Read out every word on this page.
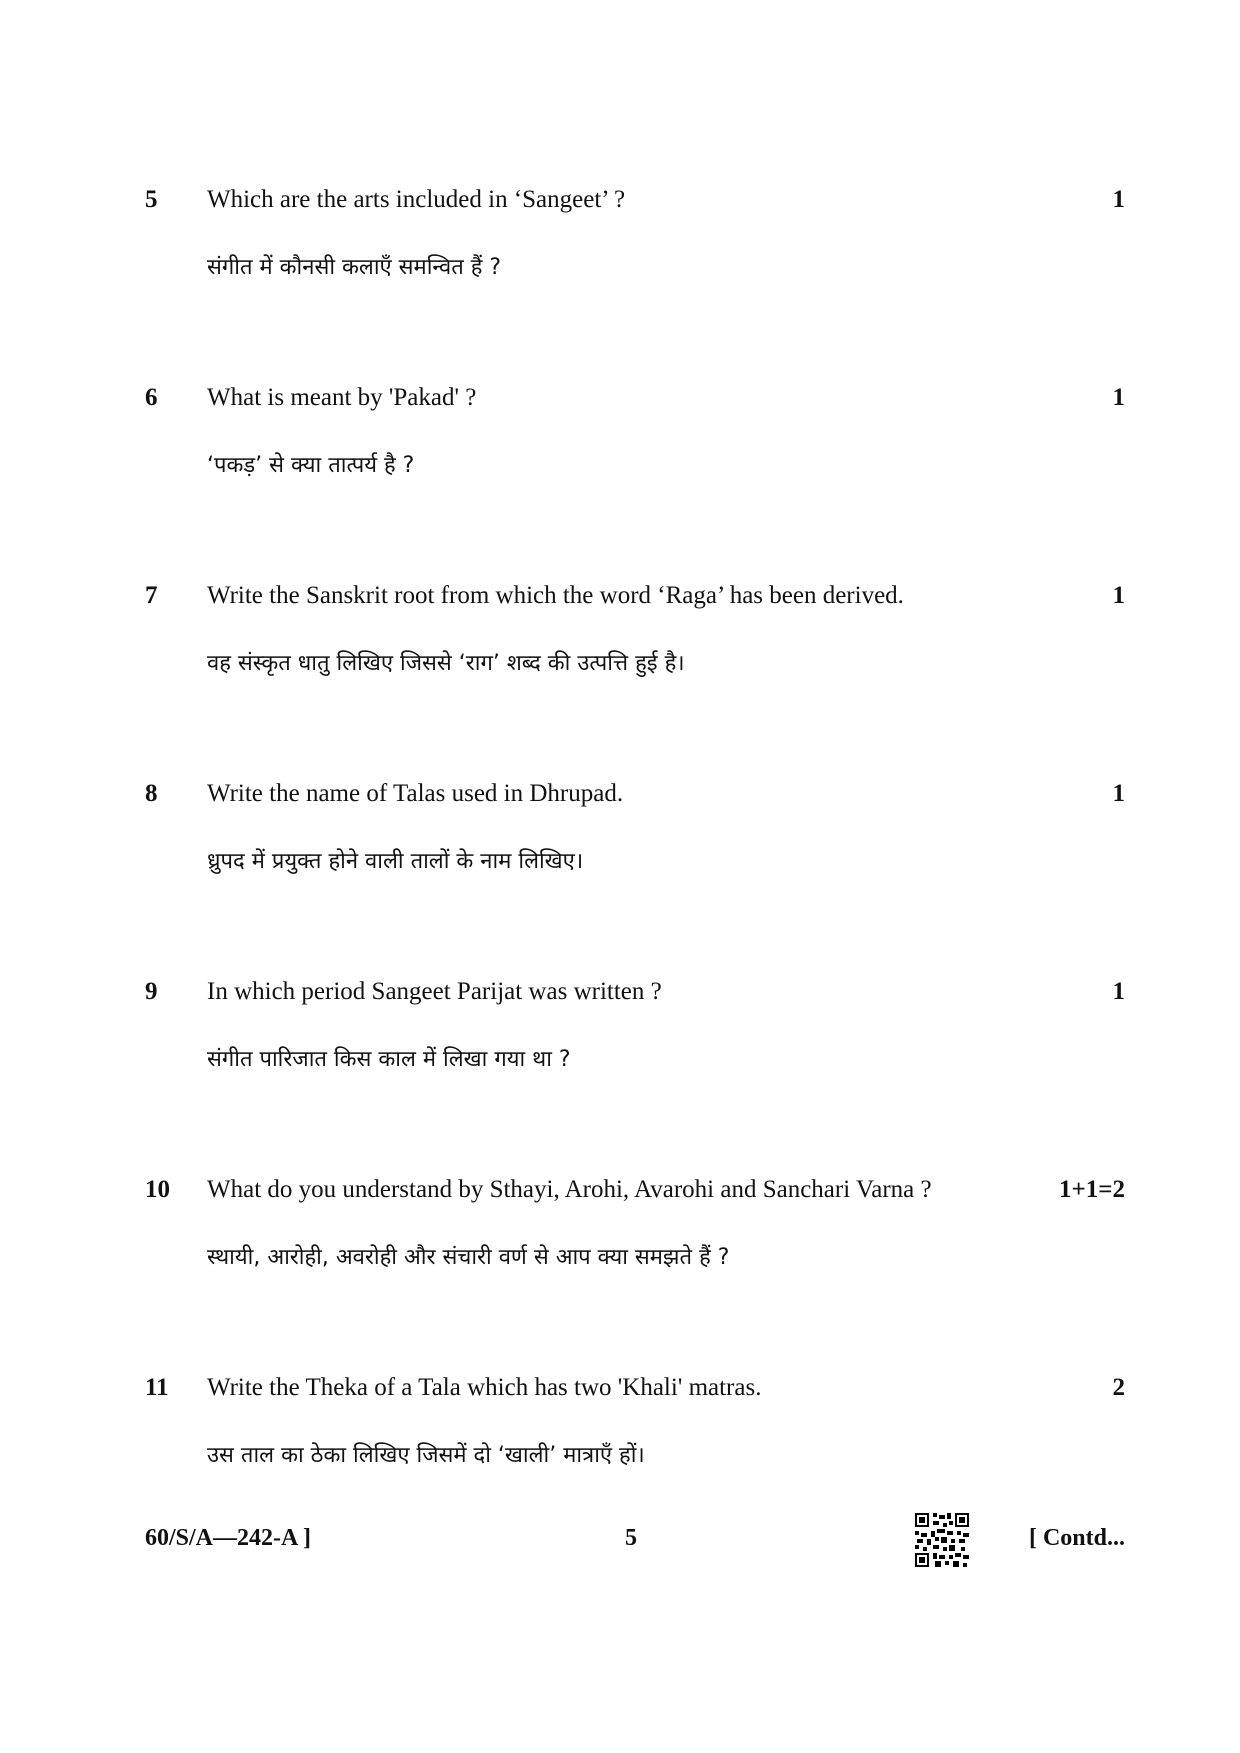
5 Which are the arts included in ‘Sangeet’ ?	1
संगीत में कौनसी कलाएँ समन्वित हैं ?
6 What is meant by 'Pakad' ?	1
‘पकड़’ से क्या तात्पर्य है ?
7 Write the Sanskrit root from which the word ‘Raga’ has been derived.	1
वह संस्कृत धातु लिखिए जिससे ‘राग’ शब्द की उत्पत्ति हुई है।
8 Write the name of Talas used in Dhrupad.	1
ध्रुपद में प्रयुक्त होने वाली तालों के नाम लिखिए।
9 In which period Sangeet Parijat was written ?	1
संगीत पारिजात किस काल में लिखा गया था ?
10 What do you understand by Sthayi, Arohi, Avarohi and Sanchari Varna ?	1+1=2
स्थायी, आरोही, अवरोही और संचारी वर्ण से आप क्या समझते हैं ?
11 Write the Theka of a Tala which has two 'Khali' matras.	2
उस ताल का ठेका लिखिए जिसमें दो ‘खाली’ मात्राएँ हों।
60/S/A—242-A ]	5	[ Contd...
